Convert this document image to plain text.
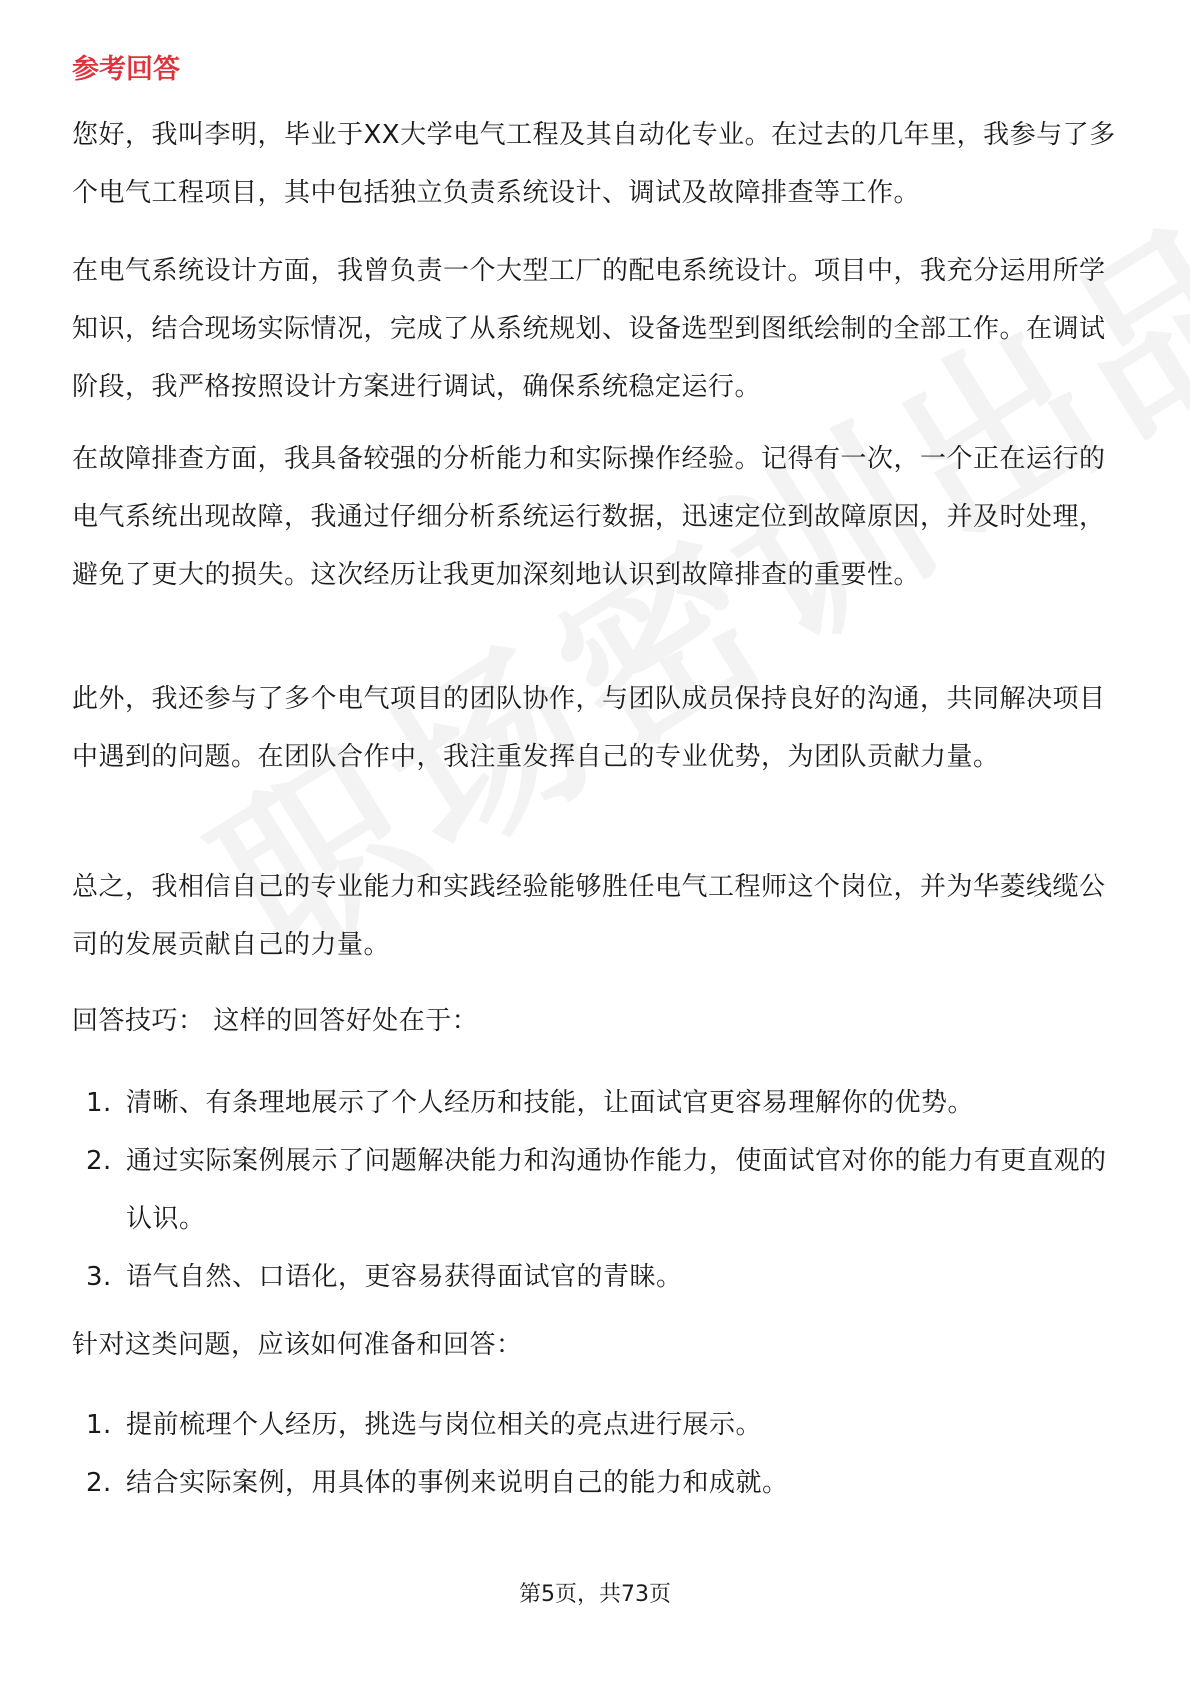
参考回答

您好，我叫李明，毕业于XX大学电气工程及其自动化专业。在过去的几年里，我参与了多个电气工程项目，其中包括独立负责系统设计、调试及故障排查等工作。

在电气系统设计方面，我曾负责一个大型工厂的配电系统设计。项目中，我充分运用所学知识，结合现场实际情况，完成了从系统规划、设备选型到图纸绘制的全部工作。在调试阶段，我严格按照设计方案进行调试，确保系统稳定运行。

在故障排查方面，我具备较强的分析能力和实际操作经验。记得有一次，一个正在运行的电气系统出现故障，我通过仔细分析系统运行数据，迅速定位到故障原因，并及时处理，避免了更大的损失。这次经历让我更加深刻地认识到故障排查的重要性。

此外，我还参与了多个电气项目的团队协作，与团队成员保持良好的沟通，共同解决项目中遇到的问题。在团队合作中，我注重发挥自己的专业优势，为团队贡献力量。

总之，我相信自己的专业能力和实践经验能够胜任电气工程师这个岗位，并为华菱线缆公司的发展贡献自己的力量。

回答技巧： 这样的回答好处在于：

1. 清晰、有条理地展示了个人经历和技能，让面试官更容易理解你的优势。
2. 通过实际案例展示了问题解决能力和沟通协作能力，使面试官对你的能力有更直观的认识。
3. 语气自然、口语化，更容易获得面试官的青睐。

针对这类问题，应该如何准备和回答：

1. 提前梳理个人经历，挑选与岗位相关的亮点进行展示。
2. 结合实际案例，用具体的事例来说明自己的能力和成就。
第5页，共73页
